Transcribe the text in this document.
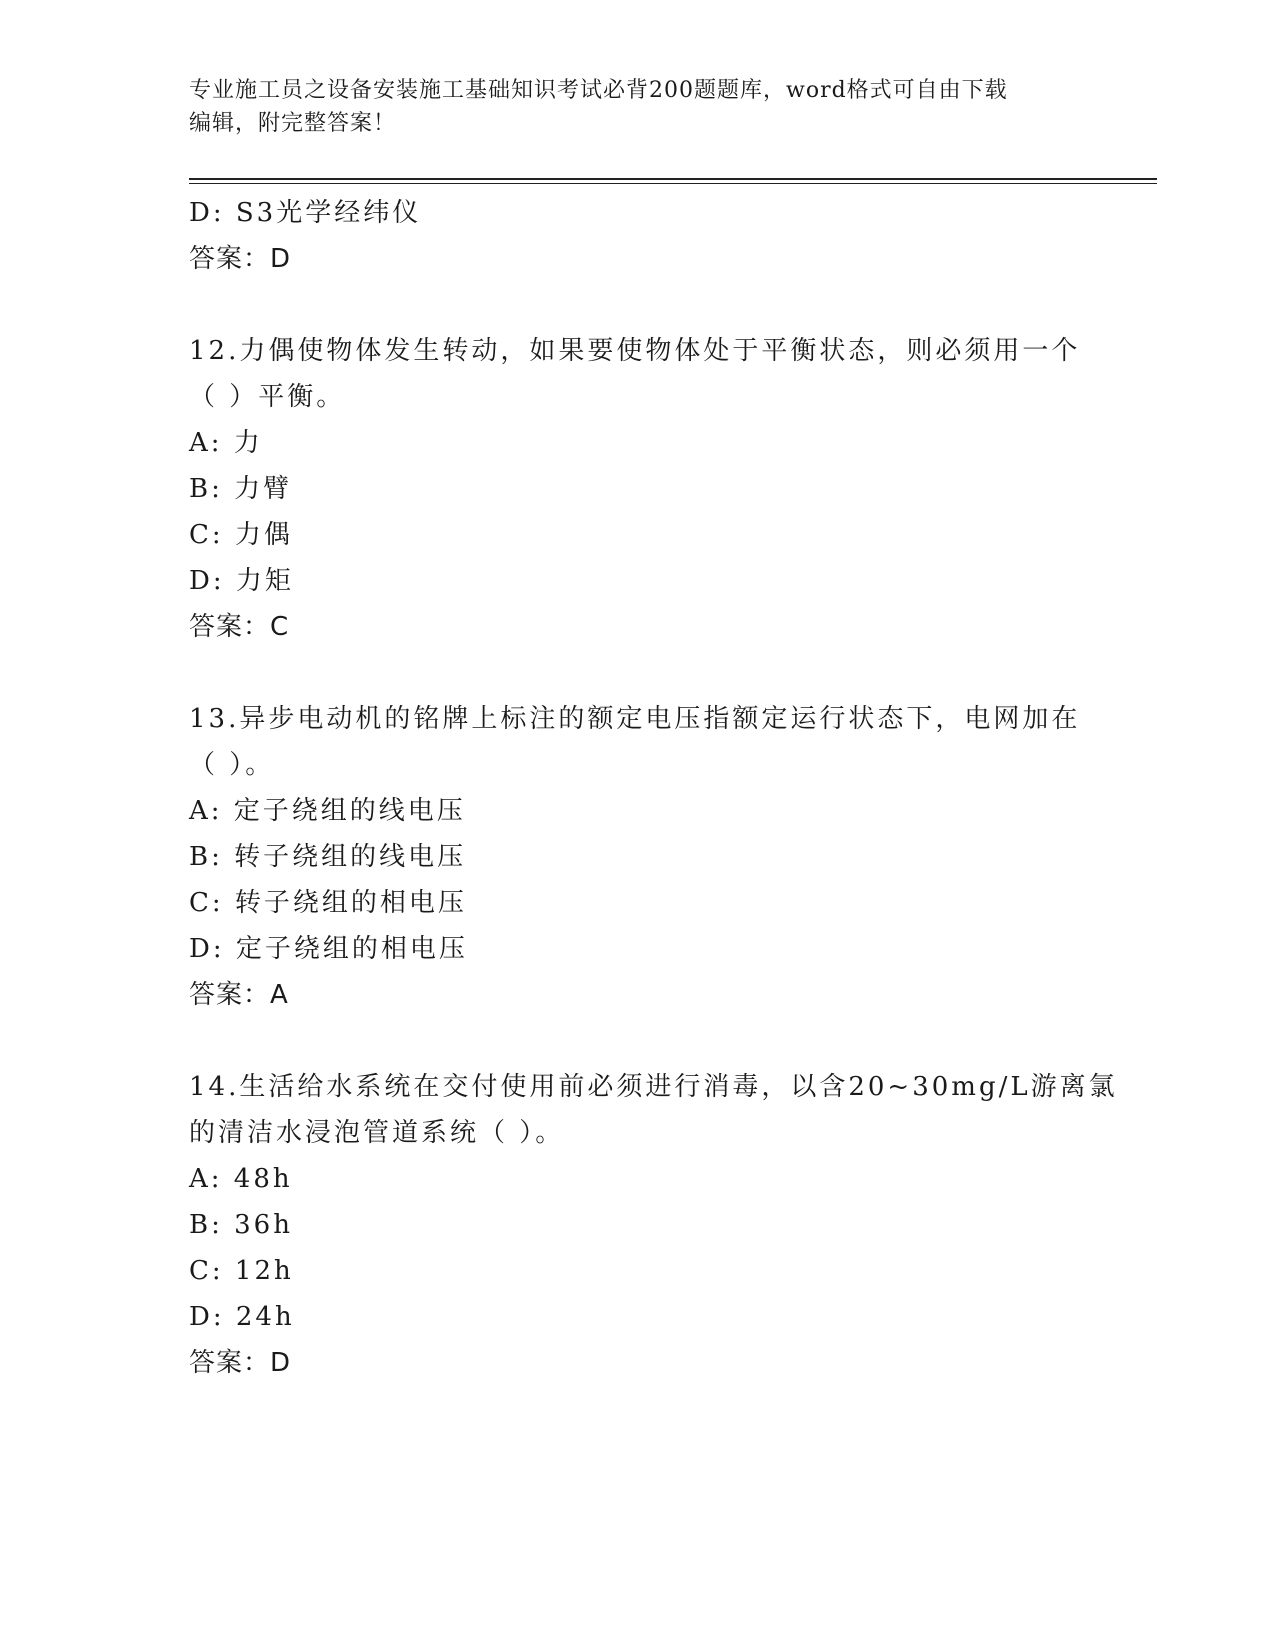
专业施工员之设备安装施工基础知识考试必背200题题库，word格式可自由下载
编辑，附完整答案！
D: S3光学经纬仪
答案：D
12.力偶使物体发生转动，如果要使物体处于平衡状态，则必须用一个
（ ）平衡。
A: 力
B: 力臂
C: 力偶
D: 力矩
答案：C
13.异步电动机的铭牌上标注的额定电压指额定运行状态下，电网加在
（ ）。
A: 定子绕组的线电压
B: 转子绕组的线电压
C: 转子绕组的相电压
D: 定子绕组的相电压
答案：A
14.生活给水系统在交付使用前必须进行消毒，以含20~30mg/L游离氯
的清洁水浸泡管道系统（ ）。
A: 48h
B: 36h
C: 12h
D: 24h
答案：D
